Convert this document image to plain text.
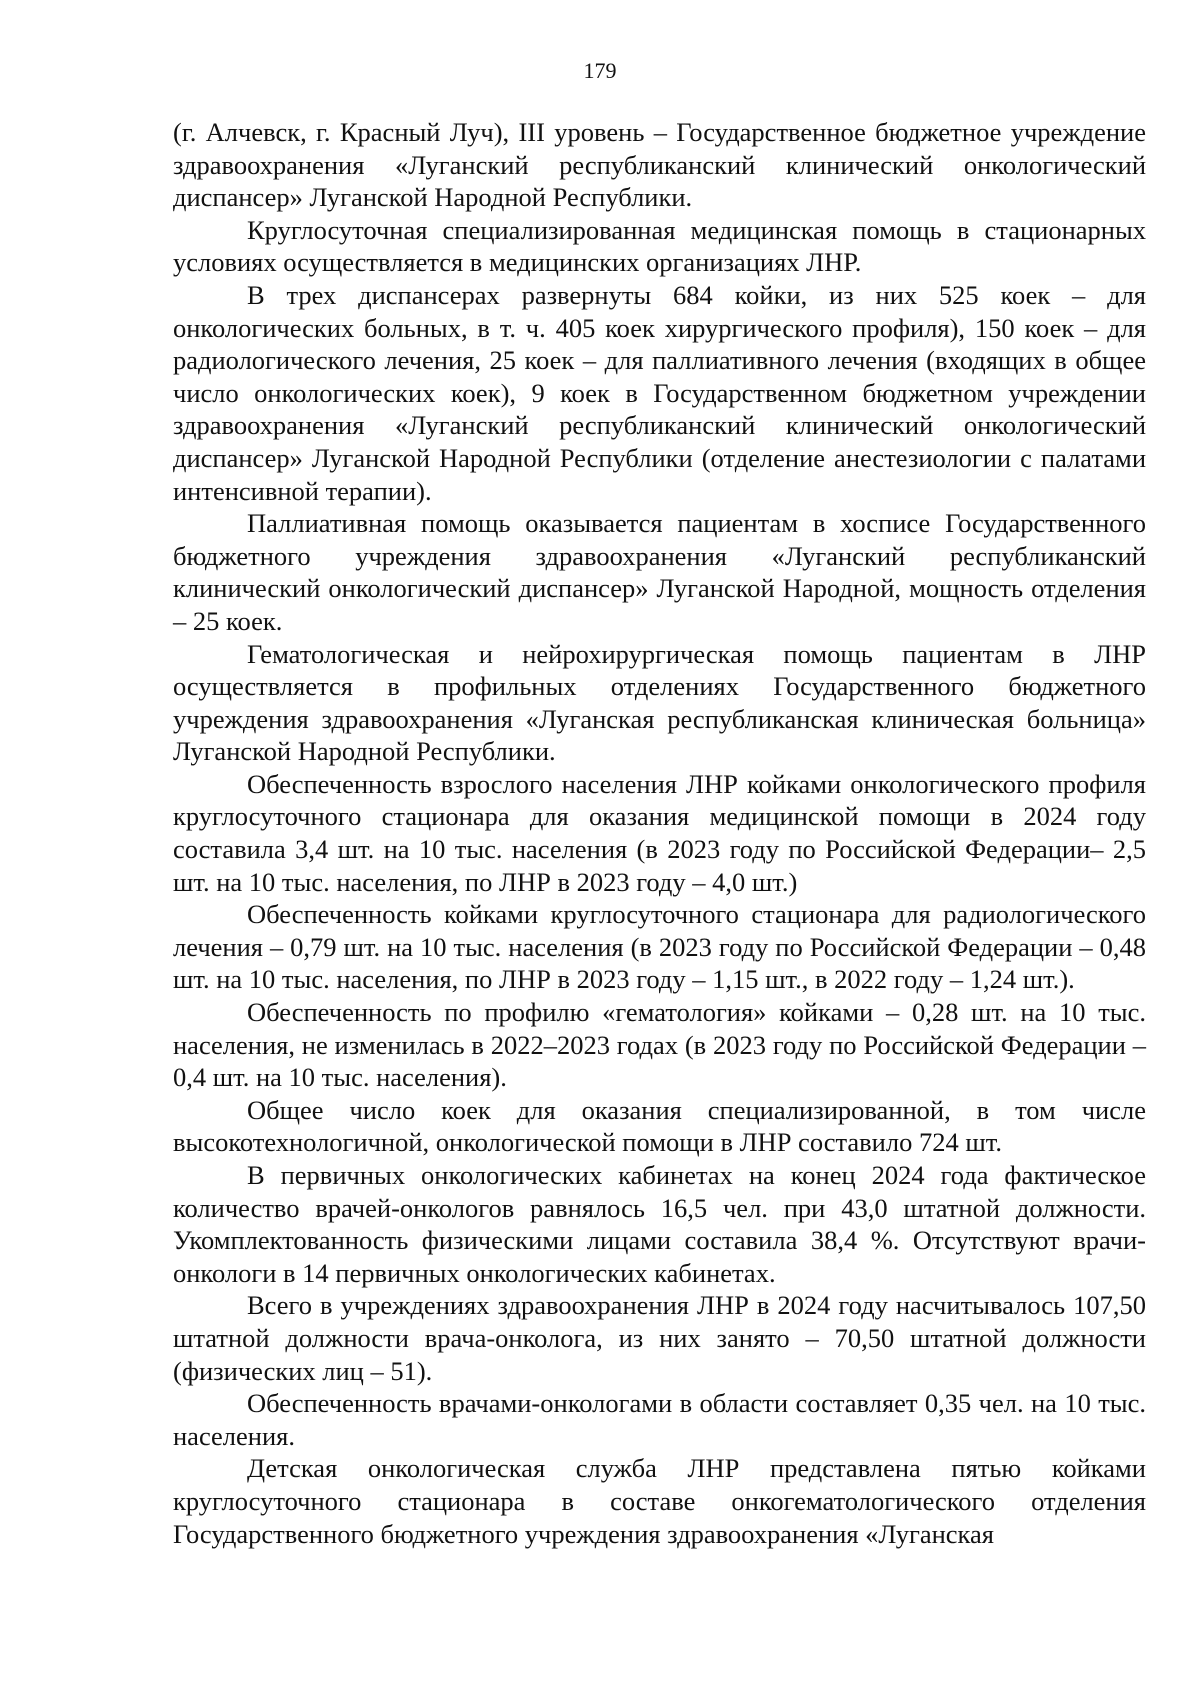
179

(г. Алчевск, г. Красный Луч), III уровень – Государственное бюджетное учреждение здравоохранения «Луганский республиканский клинический онкологический диспансер» Луганской Народной Республики.

Круглосуточная специализированная медицинская помощь в стационарных условиях осуществляется в медицинских организациях ЛНР.

В трех диспансерах развернуты 684 койки, из них 525 коек – для онкологических больных, в т. ч. 405 коек хирургического профиля), 150 коек – для радиологического лечения, 25 коек – для паллиативного лечения (входящих в общее число онкологических коек), 9 коек в Государственном бюджетном учреждении здравоохранения «Луганский республиканский клинический онкологический диспансер» Луганской Народной Республики (отделение анестезиологии с палатами интенсивной терапии).

Паллиативная помощь оказывается пациентам в хосписе Государственного бюджетного учреждения здравоохранения «Луганский республиканский клинический онкологический диспансер» Луганской Народной, мощность отделения – 25 коек.

Гематологическая и нейрохирургическая помощь пациентам в ЛНР осуществляется в профильных отделениях Государственного бюджетного учреждения здравоохранения «Луганская республиканская клиническая больница» Луганской Народной Республики.

Обеспеченность взрослого населения ЛНР койками онкологического профиля круглосуточного стационара для оказания медицинской помощи в 2024 году составила 3,4 шт. на 10 тыс. населения (в 2023 году по Российской Федерации– 2,5 шт. на 10 тыс. населения, по ЛНР в 2023 году – 4,0 шт.)

Обеспеченность койками круглосуточного стационара для радиологического лечения – 0,79 шт. на 10 тыс. населения (в 2023 году по Российской Федерации – 0,48 шт. на 10 тыс. населения, по ЛНР в 2023 году – 1,15 шт., в 2022 году – 1,24 шт.).

Обеспеченность по профилю «гематология» койками – 0,28 шт. на 10 тыс. населения, не изменилась в 2022–2023 годах (в 2023 году по Российской Федерации – 0,4 шт. на 10 тыс. населения).

Общее число коек для оказания специализированной, в том числе высокотехнологичной, онкологической помощи в ЛНР составило 724 шт.

В первичных онкологических кабинетах на конец 2024 года фактическое количество врачей-онкологов равнялось 16,5 чел. при 43,0 штатной должности. Укомплектованность физическими лицами составила 38,4 %. Отсутствуют врачи-онкологи в 14 первичных онкологических кабинетах.

Всего в учреждениях здравоохранения ЛНР в 2024 году насчитывалось 107,50 штатной должности врача-онколога, из них занято – 70,50 штатной должности (физических лиц – 51).

Обеспеченность врачами-онкологами в области составляет 0,35 чел. на 10 тыс. населения.

Детская онкологическая служба ЛНР представлена пятью койками круглосуточного стационара в составе онкогематологического отделения Государственного бюджетного учреждения здравоохранения «Луганская
